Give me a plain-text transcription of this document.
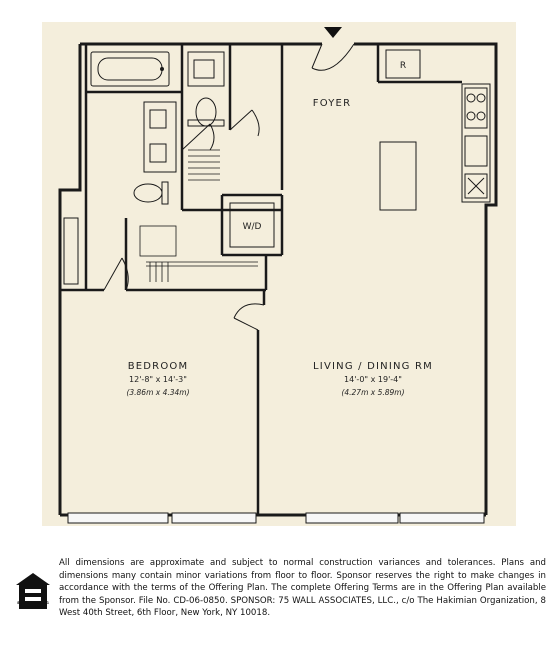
W/D
R
FOYER
BEDROOM
12'-8" x 14'-3"
(3.86m x 4.34m)
LIVING / DINING RM
14'-0" x 19'-4"
(4.27m x 5.89m)
EQUAL HOUSING OPPORTUNITY
All dimensions are approximate and subject to normal construction variances and tolerances. Plans and dimensions many contain minor variations from floor to floor. Sponsor reserves the right to make changes in accordance with the terms of the Offering Plan. The complete Offering Terms are in the Offering Plan available from the Sponsor. File No. CD-06-0850. SPONSOR: 75 WALL ASSOCIATES, LLC., c/o The Hakimian Organization, 8 West 40th Street, 6th Floor, New York, NY 10018.
